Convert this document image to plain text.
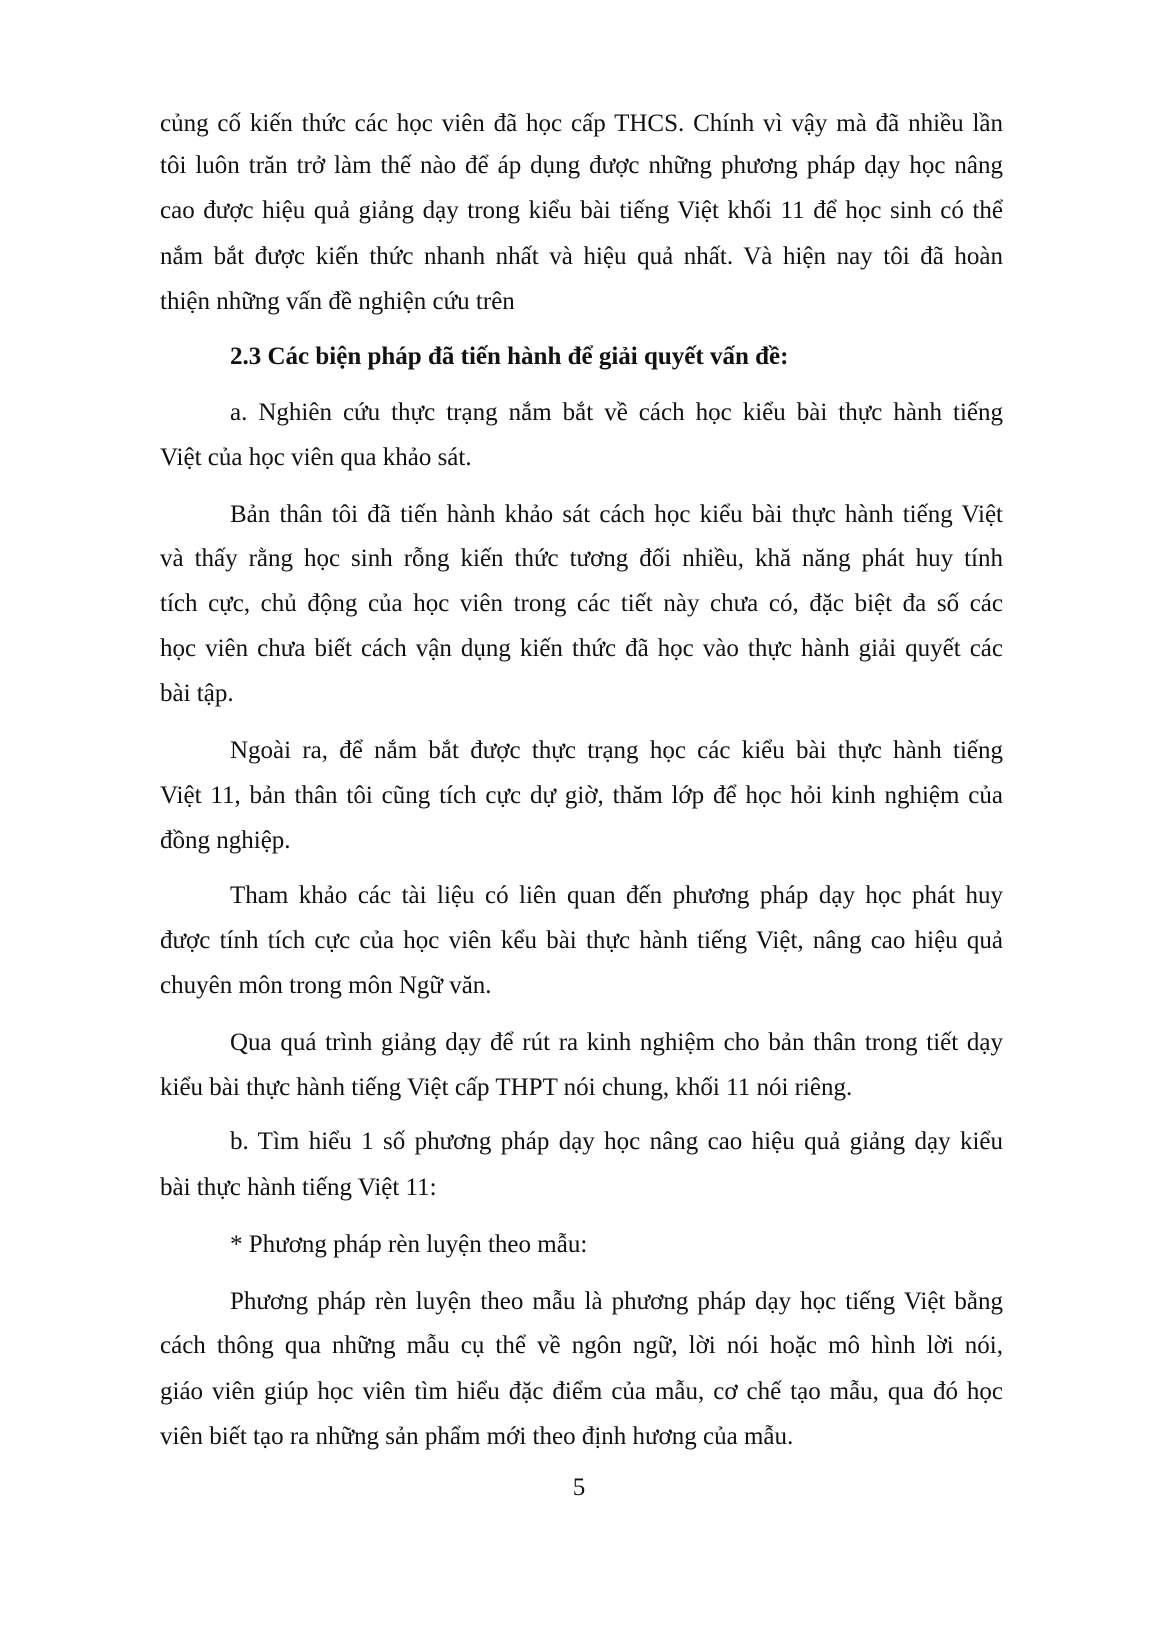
5
củng cố kiến thức các học viên đã học cấp THCS. Chính vì vậy mà đã nhiều lần
tôi luôn trăn trở làm thế nào để áp dụng được những phương pháp dạy học nâng
cao được hiệu quả giảng dạy trong kiểu bài tiếng Việt khối 11 để học sinh có thể
nắm bắt được kiến thức nhanh nhất và hiệu quả nhất. Và hiện nay tôi đã hoàn
thiện những vấn đề nghiện cứu trên
2.3 Các biện pháp đã tiến hành để giải quyết vấn đề:
a. Nghiên cứu thực trạng nắm bắt về cách học kiểu bài thực hành tiếng
Việt của học viên qua khảo sát.
Bản thân tôi đã tiến hành khảo sát cách học kiểu bài thực hành tiếng Việt
và thấy rằng học sinh rỗng kiến thức tương đối nhiều, khă năng phát huy tính
tích cực, chủ động của học viên trong các tiết này chưa có, đặc biệt đa số các
học viên chưa biết cách vận dụng kiến thức đã học vào thực hành giải quyết các
bài tập.
Ngoài ra, để nắm bắt được thực trạng học các kiểu bài thực hành tiếng
Việt 11, bản thân tôi cũng tích cực dự giờ, thăm lớp để học hỏi kinh nghiệm của
đồng nghiệp.
Tham khảo các tài liệu có liên quan đến phương pháp dạy học phát huy
được tính tích cực của học viên kểu bài thực hành tiếng Việt, nâng cao hiệu quả
chuyên môn trong môn Ngữ văn.
Qua quá trình giảng dạy để rút ra kinh nghiệm cho bản thân trong tiết dạy
kiểu bài thực hành tiếng Việt cấp THPT nói chung, khối 11 nói riêng.
b. Tìm hiểu 1 số phương pháp dạy học nâng cao hiệu quả giảng dạy kiểu
bài thực hành tiếng Việt 11:
* Phương pháp rèn luyện theo mẫu:
Phương pháp rèn luyện theo mẫu là phương pháp dạy học tiếng Việt bằng
cách thông qua những mẫu cụ thể về ngôn ngữ, lời nói hoặc mô hình lời nói,
giáo viên giúp học viên tìm hiểu đặc điểm của mẫu, cơ chế tạo mẫu, qua đó học
viên biết tạo ra những sản phẩm mới theo định hương của mẫu.
